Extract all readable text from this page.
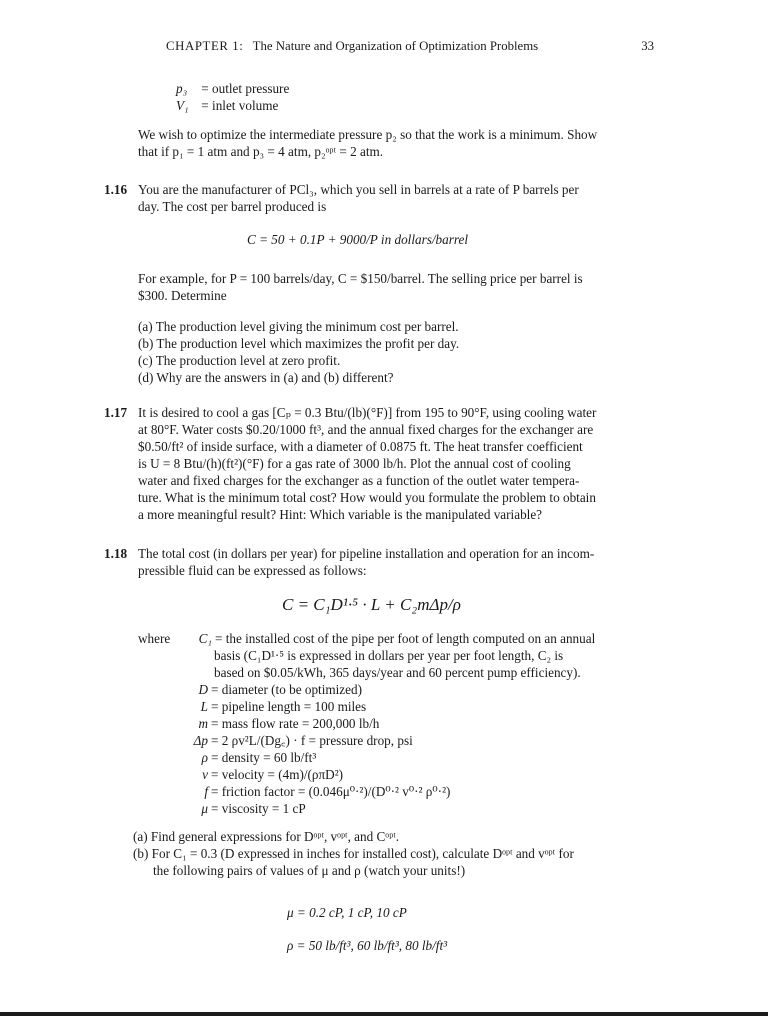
CHAPTER 1: The Nature and Organization of Optimization Problems	33
p₃ = outlet pressure
V₁ = inlet volume
We wish to optimize the intermediate pressure p₂ so that the work is a minimum. Show
that if p₁ = 1 atm and p₃ = 4 atm, p₂ᵒᵖᵗ = 2 atm.
1.16 You are the manufacturer of PCl₃, which you sell in barrels at a rate of P barrels per
day. The cost per barrel produced is
C = 50 + 0.1P + 9000/P in dollars/barrel
For example, for P = 100 barrels/day, C = $150/barrel. The selling price per barrel is
$300. Determine
(a) The production level giving the minimum cost per barrel.
(b) The production level which maximizes the profit per day.
(c) The production level at zero profit.
(d) Why are the answers in (a) and (b) different?
1.17 It is desired to cool a gas [Cₚ = 0.3 Btu/(lb)(°F)] from 195 to 90°F, using cooling water
at 80°F. Water costs $0.20/1000 ft³, and the annual fixed charges for the exchanger are
$0.50/ft² of inside surface, with a diameter of 0.0875 ft. The heat transfer coefficient
is U = 8 Btu/(h)(ft²)(°F) for a gas rate of 3000 lb/h. Plot the annual cost of cooling
water and fixed charges for the exchanger as a function of the outlet water tempera-
ture. What is the minimum total cost? How would you formulate the problem to obtain
a more meaningful result? Hint: Which variable is the manipulated variable?
1.18 The total cost (in dollars per year) for pipeline installation and operation for an incom-
pressible fluid can be expressed as follows:
C = C₁D¹·⁵ · L + C₂mΔp/ρ
where C₁ = the installed cost of the pipe per foot of length computed on an annual
basis (C₁D¹·⁵ is expressed in dollars per year per foot length, C₂ is
based on $0.05/kWh, 365 days/year and 60 percent pump efficiency).
D = diameter (to be optimized)
L = pipeline length = 100 miles
m = mass flow rate = 200,000 lb/h
Δp = 2 ρv²L/(Dg꜀) · f = pressure drop, psi
ρ = density = 60 lb/ft³
v = velocity = (4m)/(ρπD²)
f = friction factor = (0.046μ⁰·²)/(D⁰·² v⁰·² ρ⁰·²)
μ = viscosity = 1 cP
(a) Find general expressions for Dᵒᵖᵗ, vᵒᵖᵗ, and Cᵒᵖᵗ.
(b) For C₁ = 0.3 (D expressed in inches for installed cost), calculate Dᵒᵖᵗ and vᵒᵖᵗ for
the following pairs of values of μ and ρ (watch your units!)
μ = 0.2 cP, 1 cP, 10 cP
ρ = 50 lb/ft³, 60 lb/ft³, 80 lb/ft³
